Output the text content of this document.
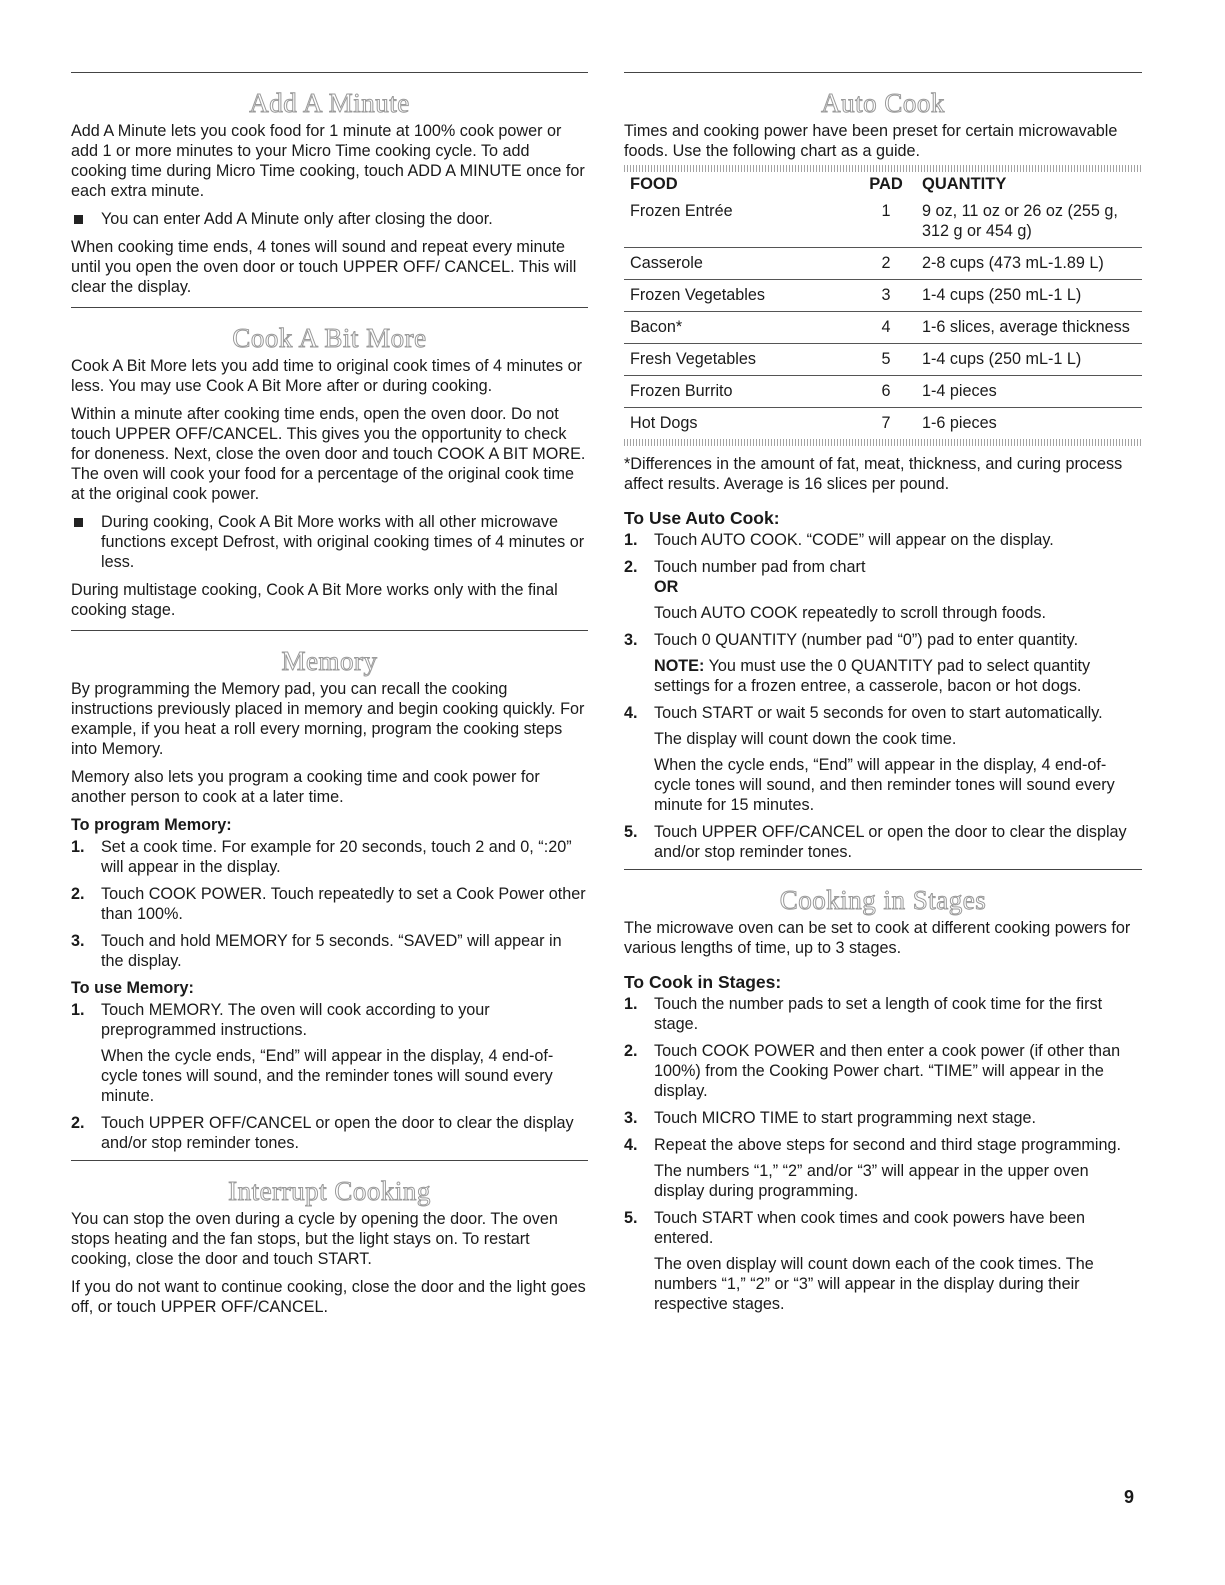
Add A Minute

Add A Minute lets you cook food for 1 minute at 100% cook power or add 1 or more minutes to your Micro Time cooking cycle. To add cooking time during Micro Time cooking, touch ADD A MINUTE once for each extra minute.

You can enter Add A Minute only after closing the door.

When cooking time ends, 4 tones will sound and repeat every minute until you open the oven door or touch UPPER OFF/ CANCEL. This will clear the display.

Cook A Bit More

Cook A Bit More lets you add time to original cook times of 4 minutes or less. You may use Cook A Bit More after or during cooking.

Within a minute after cooking time ends, open the oven door. Do not touch UPPER OFF/CANCEL. This gives you the opportunity to check for doneness. Next, close the oven door and touch COOK A BIT MORE. The oven will cook your food for a percentage of the original cook time at the original cook power.

During cooking, Cook A Bit More works with all other microwave functions except Defrost, with original cooking times of 4 minutes or less.

During multistage cooking, Cook A Bit More works only with the final cooking stage.

Memory

By programming the Memory pad, you can recall the cooking instructions previously placed in memory and begin cooking quickly. For example, if you heat a roll every morning, program the cooking steps into Memory.

Memory also lets you program a cooking time and cook power for another person to cook at a later time.

To program Memory:
1. Set a cook time. For example for 20 seconds, touch 2 and 0, “:20” will appear in the display.

2. Touch COOK POWER. Touch repeatedly to set a Cook Power other than 100%.

3. Touch and hold MEMORY for 5 seconds. “SAVED” will appear in the display.

To use Memory:
1. Touch MEMORY. The oven will cook according to your preprogrammed instructions.

When the cycle ends, “End” will appear in the display, 4 end-of-cycle tones will sound, and the reminder tones will sound every minute.

2. Touch UPPER OFF/CANCEL or open the door to clear the display and/or stop reminder tones.

Interrupt Cooking

You can stop the oven during a cycle by opening the door. The oven stops heating and the fan stops, but the light stays on. To restart cooking, close the door and touch START.

If you do not want to continue cooking, close the door and the light goes off, or touch UPPER OFF/CANCEL.

Auto Cook

Times and cooking power have been preset for certain microwavable foods. Use the following chart as a guide.

FOOD	PAD	QUANTITY
Frozen Entrée	1	9 oz, 11 oz or 26 oz (255 g, 312 g or 454 g)
Casserole	2	2-8 cups (473 mL-1.89 L)
Frozen Vegetables	3	1-4 cups (250 mL-1 L)
Bacon*	4	1-6 slices, average thickness
Fresh Vegetables	5	1-4 cups (250 mL-1 L)
Frozen Burrito	6	1-4 pieces
Hot Dogs	7	1-6 pieces

*Differences in the amount of fat, meat, thickness, and curing process affect results. Average is 16 slices per pound.

To Use Auto Cook:
1. Touch AUTO COOK. “CODE” will appear on the display.

2. Touch number pad from chart

OR

Touch AUTO COOK repeatedly to scroll through foods.

3. Touch 0 QUANTITY (number pad “0”) pad to enter quantity.

NOTE: You must use the 0 QUANTITY pad to select quantity settings for a frozen entree, a casserole, bacon or hot dogs.

4. Touch START or wait 5 seconds for oven to start automatically.

The display will count down the cook time.

When the cycle ends, “End” will appear in the display, 4 end-of-cycle tones will sound, and then reminder tones will sound every minute for 15 minutes.

5. Touch UPPER OFF/CANCEL or open the door to clear the display and/or stop reminder tones.

Cooking in Stages

The microwave oven can be set to cook at different cooking powers for various lengths of time, up to 3 stages.

To Cook in Stages:
1. Touch the number pads to set a length of cook time for the first stage.

2. Touch COOK POWER and then enter a cook power (if other than 100%) from the Cooking Power chart. “TIME” will appear in the display.

3. Touch MICRO TIME to start programming next stage.

4. Repeat the above steps for second and third stage programming.

The numbers “1,” “2” and/or “3” will appear in the upper oven display during programming.

5. Touch START when cook times and cook powers have been entered.

The oven display will count down each of the cook times. The numbers “1,” “2” or “3” will appear in the display during their respective stages.

9
